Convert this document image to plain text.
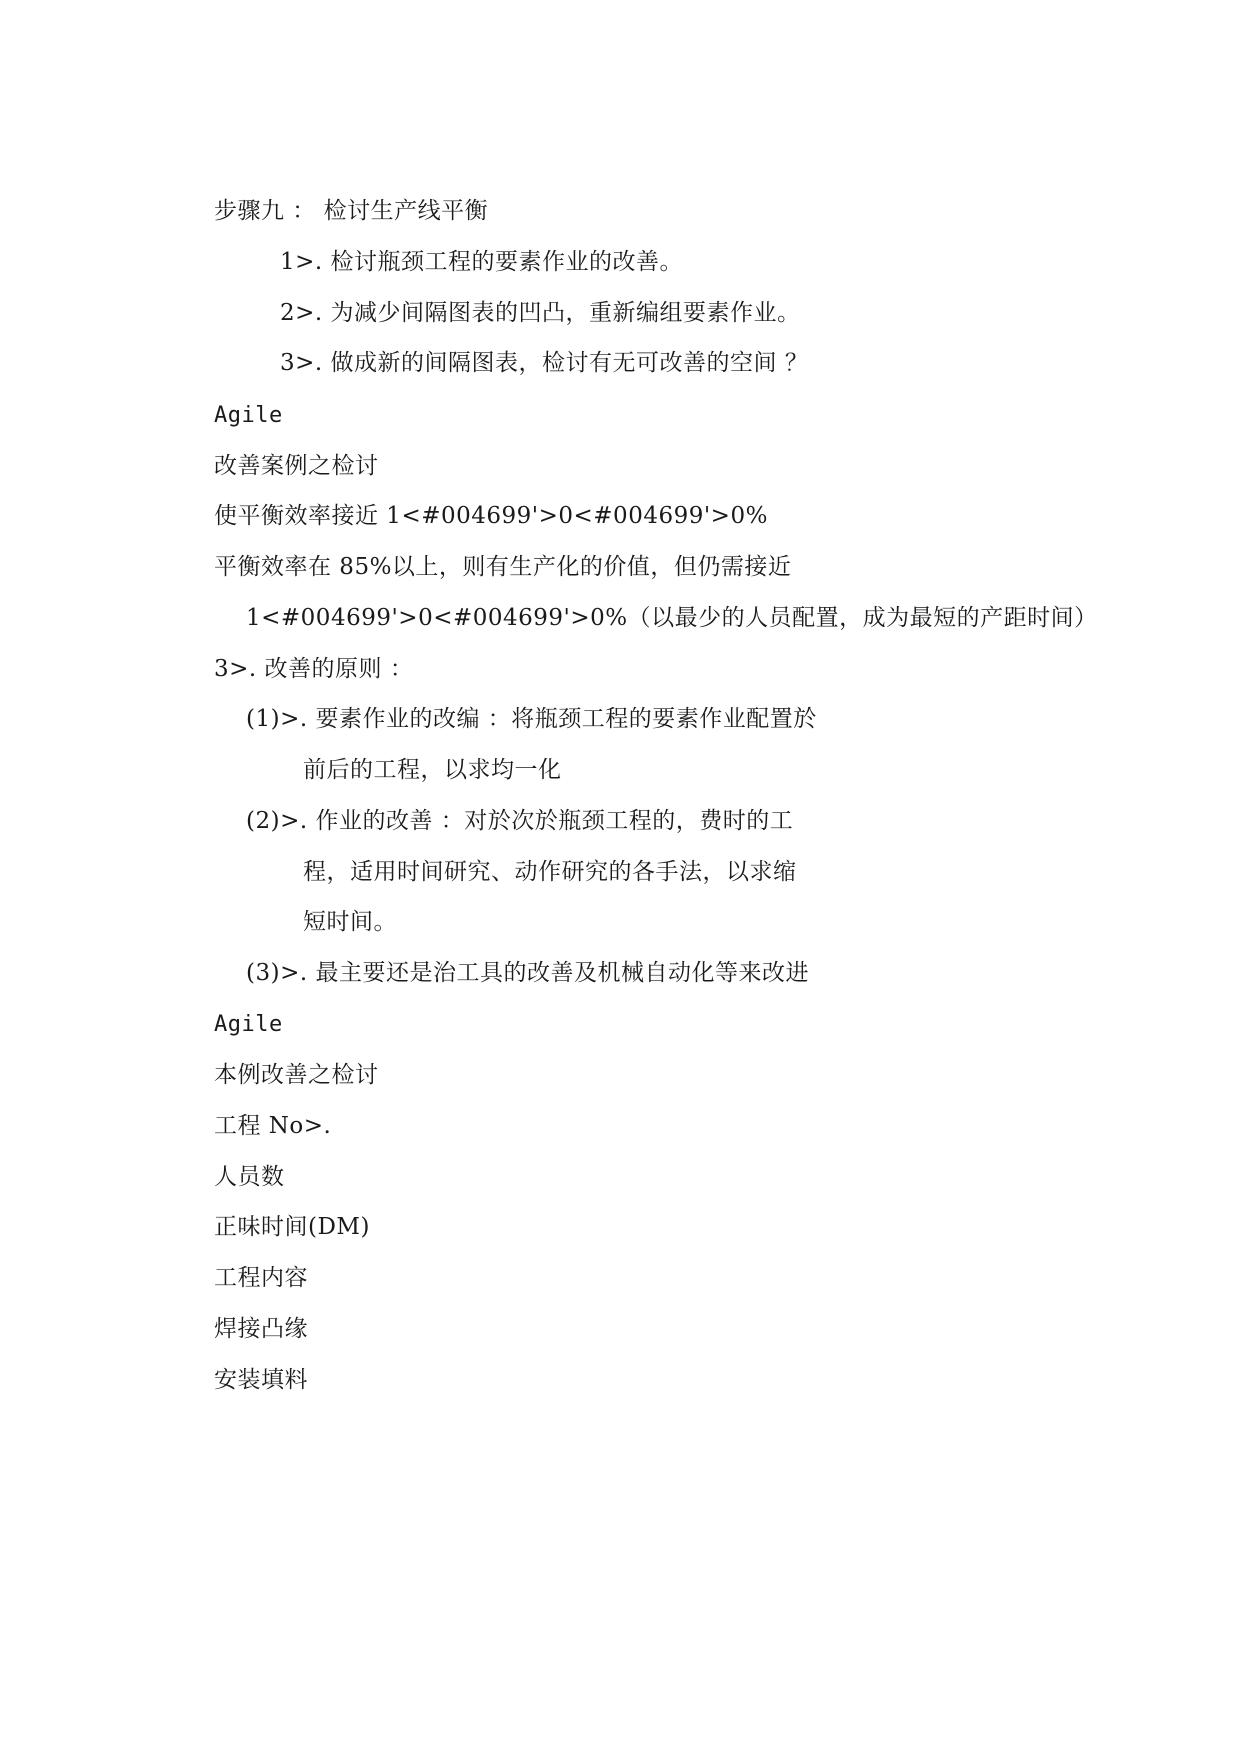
步骤九 ： 检讨生产线平衡
1>. 检讨瓶颈工程的要素作业的改善。
2>. 为减少间隔图表的凹凸，重新编组要素作业。
3>. 做成新的间隔图表，检讨有无可改善的空间 ？
Agile
改善案例之检讨
使平衡效率接近 1<#004699'>0<#004699'>0%
平衡效率在 85%以上，则有生产化的价值，但仍需接近
1<#004699'>0<#004699'>0%（以最少的人员配置，成为最短的产距时间）
3>. 改善的原则 ：
(1)>. 要素作业的改编 ：将瓶颈工程的要素作业配置於
前后的工程，以求均一化
(2)>. 作业的改善 ：对於次於瓶颈工程的，费时的工
程，适用时间研究、动作研究的各手法，以求缩
短时间。
(3)>. 最主要还是治工具的改善及机械自动化等来改进
Agile
本例改善之检讨
工程 No>.
人员数
正味时间(DM)
工程内容
焊接凸缘
安装填料
